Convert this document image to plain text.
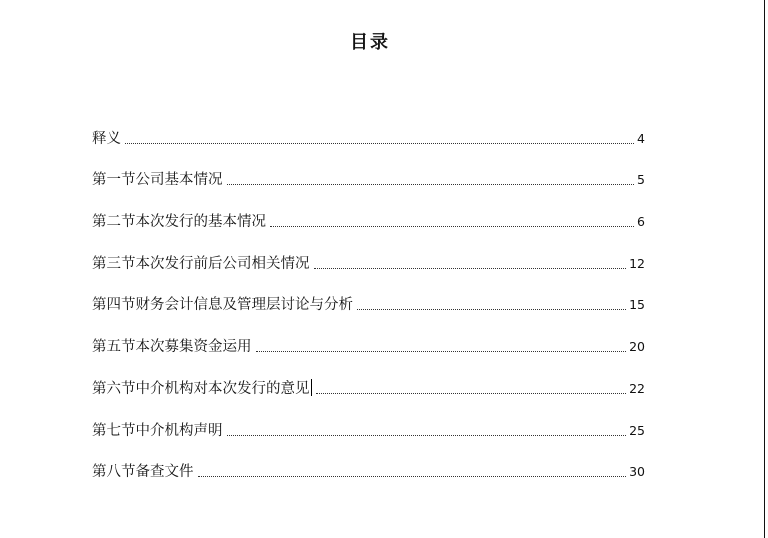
目录
释义	4
第一节公司基本情况	5
第二节本次发行的基本情况	6
第三节本次发行前后公司相关情况	12
第四节财务会计信息及管理层讨论与分析	15
第五节本次募集资金运用	20
第六节中介机构对本次发行的意见	22
第七节中介机构声明	25
第八节备查文件	30
